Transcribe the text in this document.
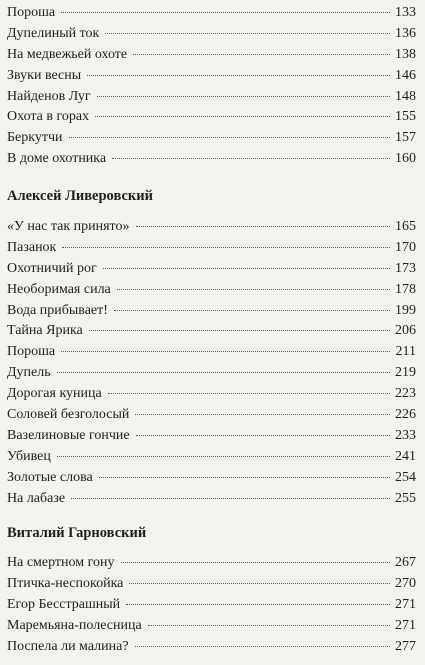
Пороша	133
Дупелиный ток	136
На медвежьей охоте	138
Звуки весны	146
Найденов Луг	148
Охота в горах	155
Беркутчи	157
В доме охотника	160
Алексей Ливеровский
«У нас так принято»	165
Пазанок	170
Охотничий рог	173
Необоримая сила	178
Вода прибывает!	199
Тайна Ярика	206
Пороша	211
Дупель	219
Дорогая куница	223
Соловей безголосый	226
Вазелиновые гончие	233
Убивец	241
Золотые слова	254
На лабазе	255
Виталий Гарновский
На смертном гону	267
Птичка-неспокойка	270
Егор Бесстрашный	271
Маремьяна-полесница	271
Поспела ли малина?	277
